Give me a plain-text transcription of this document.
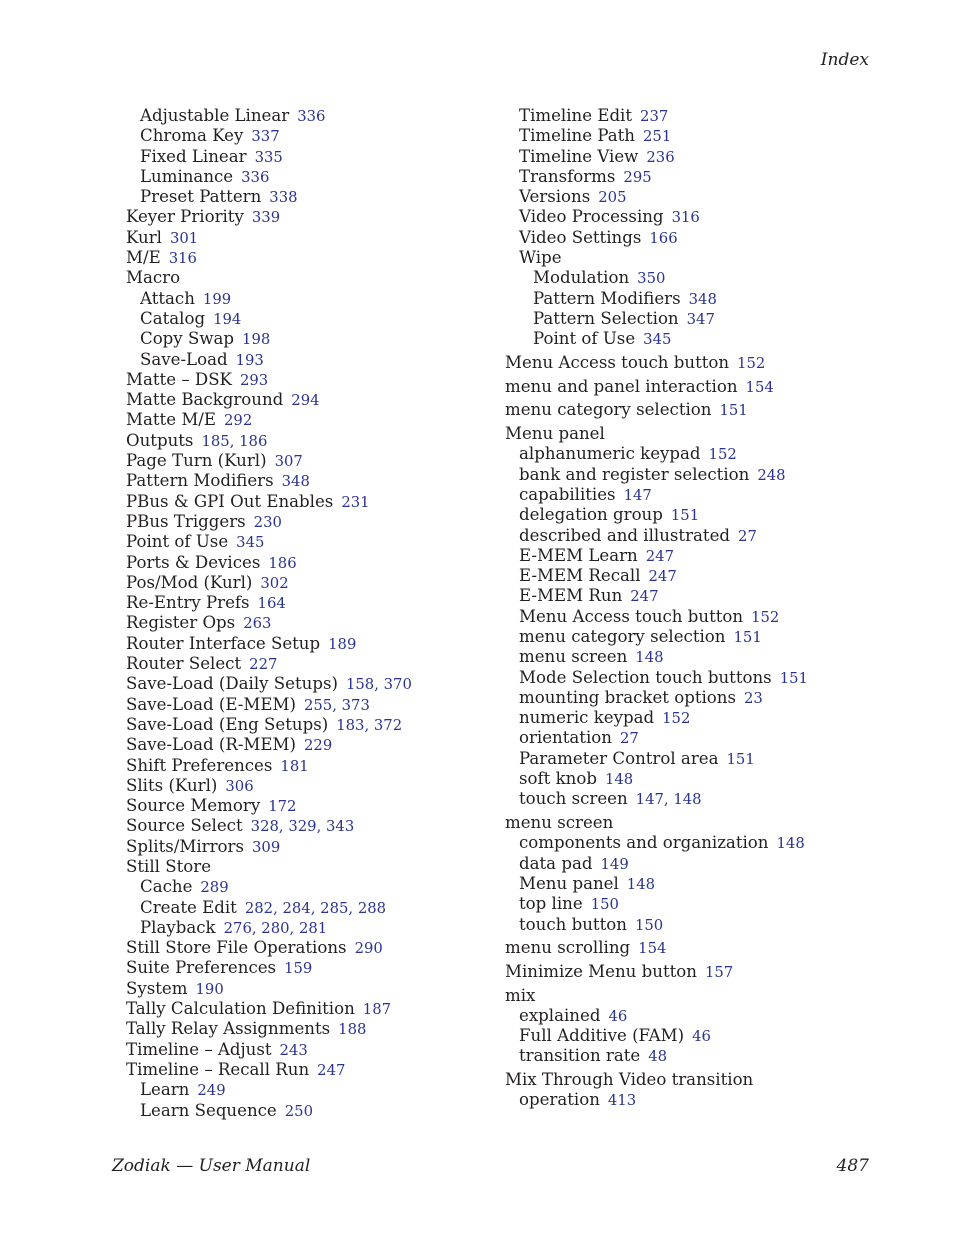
Index
Adjustable Linear 336
Chroma Key 337
Fixed Linear 335
Luminance 336
Preset Pattern 338
Keyer Priority 339
Kurl 301
M/E 316
Macro
Attach 199
Catalog 194
Copy Swap 198
Save-Load 193
Matte – DSK 293
Matte Background 294
Matte M/E 292
Outputs 185, 186
Page Turn (Kurl) 307
Pattern Modifiers 348
PBus & GPI Out Enables 231
PBus Triggers 230
Point of Use 345
Ports & Devices 186
Pos/Mod (Kurl) 302
Re-Entry Prefs 164
Register Ops 263
Router Interface Setup 189
Router Select 227
Save-Load (Daily Setups) 158, 370
Save-Load (E-MEM) 255, 373
Save-Load (Eng Setups) 183, 372
Save-Load (R-MEM) 229
Shift Preferences 181
Slits (Kurl) 306
Source Memory 172
Source Select 328, 329, 343
Splits/Mirrors 309
Still Store
Cache 289
Create Edit 282, 284, 285, 288
Playback 276, 280, 281
Still Store File Operations 290
Suite Preferences 159
System 190
Tally Calculation Definition 187
Tally Relay Assignments 188
Timeline – Adjust 243
Timeline – Recall Run 247
Learn 249
Learn Sequence 250
Timeline Edit 237
Timeline Path 251
Timeline View 236
Transforms 295
Versions 205
Video Processing 316
Video Settings 166
Wipe
Modulation 350
Pattern Modifiers 348
Pattern Selection 347
Point of Use 345
Menu Access touch button 152
menu and panel interaction 154
menu category selection 151
Menu panel
alphanumeric keypad 152
bank and register selection 248
capabilities 147
delegation group 151
described and illustrated 27
E-MEM Learn 247
E-MEM Recall 247
E-MEM Run 247
Menu Access touch button 152
menu category selection 151
menu screen 148
Mode Selection touch buttons 151
mounting bracket options 23
numeric keypad 152
orientation 27
Parameter Control area 151
soft knob 148
touch screen 147, 148
menu screen
components and organization 148
data pad 149
Menu panel 148
top line 150
touch button 150
menu scrolling 154
Minimize Menu button 157
mix
explained 46
Full Additive (FAM) 46
transition rate 48
Mix Through Video transition
operation 413
Zodiak — User Manual	487
